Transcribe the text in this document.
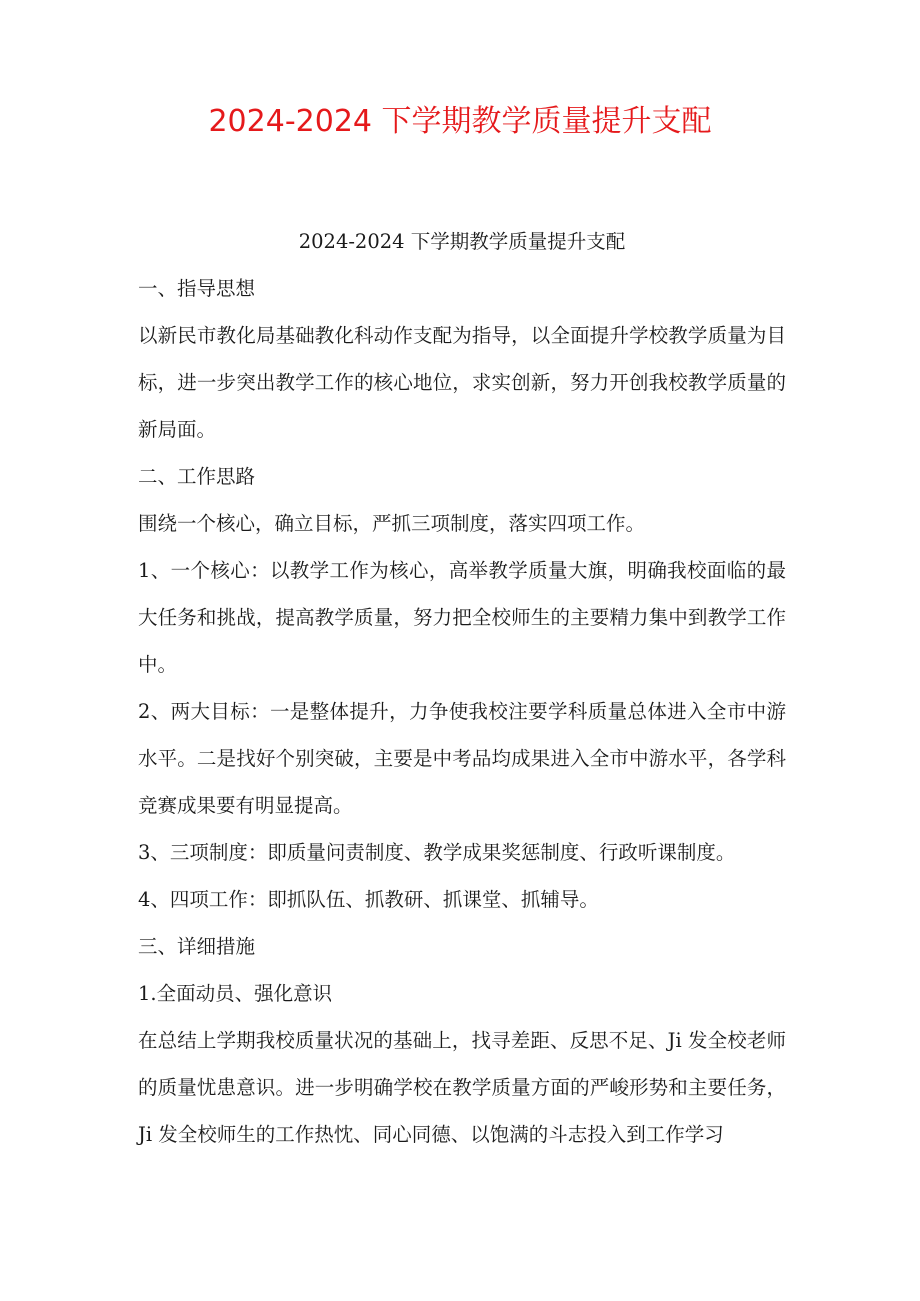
2024-2024 下学期教学质量提升支配

2024-2024 下学期教学质量提升支配

一、指导思想

以新民市教化局基础教化科动作支配为指导，以全面提升学校教学质量为目标，进一步突出教学工作的核心地位，求实创新，努力开创我校教学质量的新局面。

二、工作思路

围绕一个核心，确立目标，严抓三项制度，落实四项工作。

1、一个核心：以教学工作为核心，高举教学质量大旗，明确我校面临的最大任务和挑战，提高教学质量，努力把全校师生的主要精力集中到教学工作中。

2、两大目标：一是整体提升，力争使我校注要学科质量总体进入全市中游水平。二是找好个别突破，主要是中考品均成果进入全市中游水平，各学科竞赛成果要有明显提高。

3、三项制度：即质量问责制度、教学成果奖惩制度、行政听课制度。

4、四项工作：即抓队伍、抓教研、抓课堂、抓辅导。

三、详细措施

1.全面动员、强化意识

在总结上学期我校质量状况的基础上，找寻差距、反思不足、Ji 发全校老师的质量忧患意识。进一步明确学校在教学质量方面的严峻形势和主要任务，Ji 发全校师生的工作热忱、同心同德、以饱满的斗志投入到工作学习
